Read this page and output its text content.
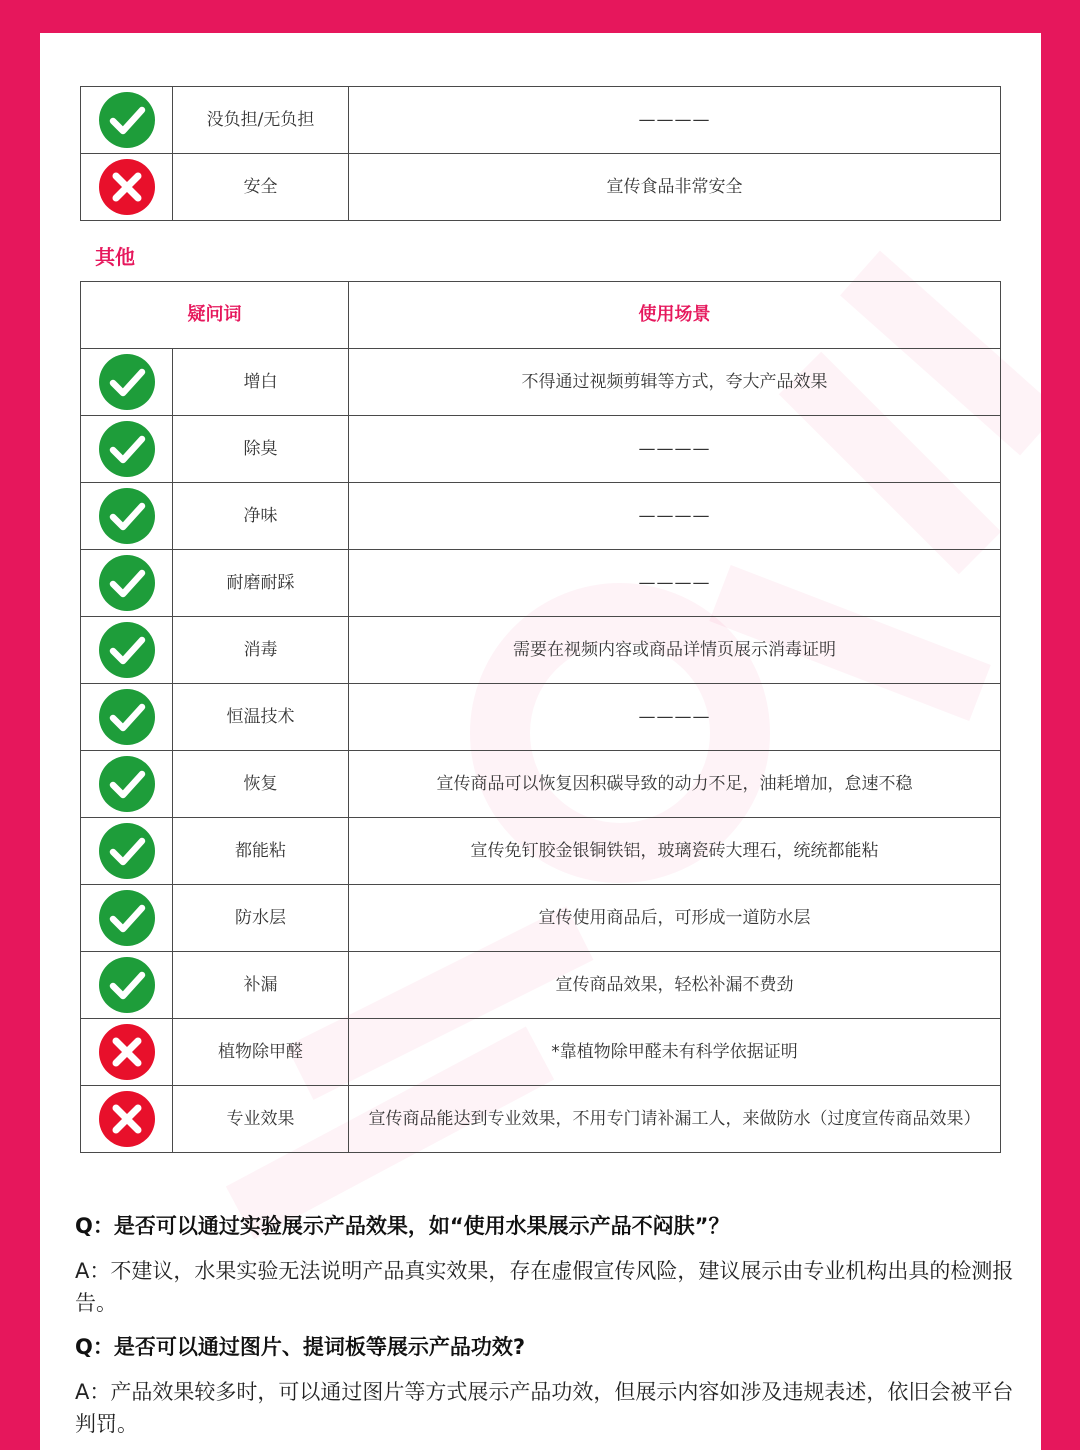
	没负担/无负担	————
	安全	宣传食品非常安全
其他
疑问词		使用场景
	增白	不得通过视频剪辑等方式，夸大产品效果
	除臭	————
	净味	————
	耐磨耐踩	————
	消毒	需要在视频内容或商品详情页展示消毒证明
	恒温技术	————
	恢复	宣传商品可以恢复因积碳导致的动力不足，油耗增加，怠速不稳
	都能粘	宣传免钉胶金银铜铁铝，玻璃瓷砖大理石，统统都能粘
	防水层	宣传使用商品后，可形成一道防水层
	补漏	宣传商品效果，轻松补漏不费劲
	植物除甲醛	*靠植物除甲醛未有科学依据证明
	专业效果	宣传商品能达到专业效果，不用专门请补漏工人，来做防水（过度宣传商品效果）

Q：是否可以通过实验展示产品效果，如“使用水果展示产品不闷肤”？

A：不建议，水果实验无法说明产品真实效果，存在虚假宣传风险，建议展示由专业机构出具的检测报告。

Q：是否可以通过图片、提词板等展示产品功效?

A：产品效果较多时，可以通过图片等方式展示产品功效，但展示内容如涉及违规表述，依旧会被平台判罚。
